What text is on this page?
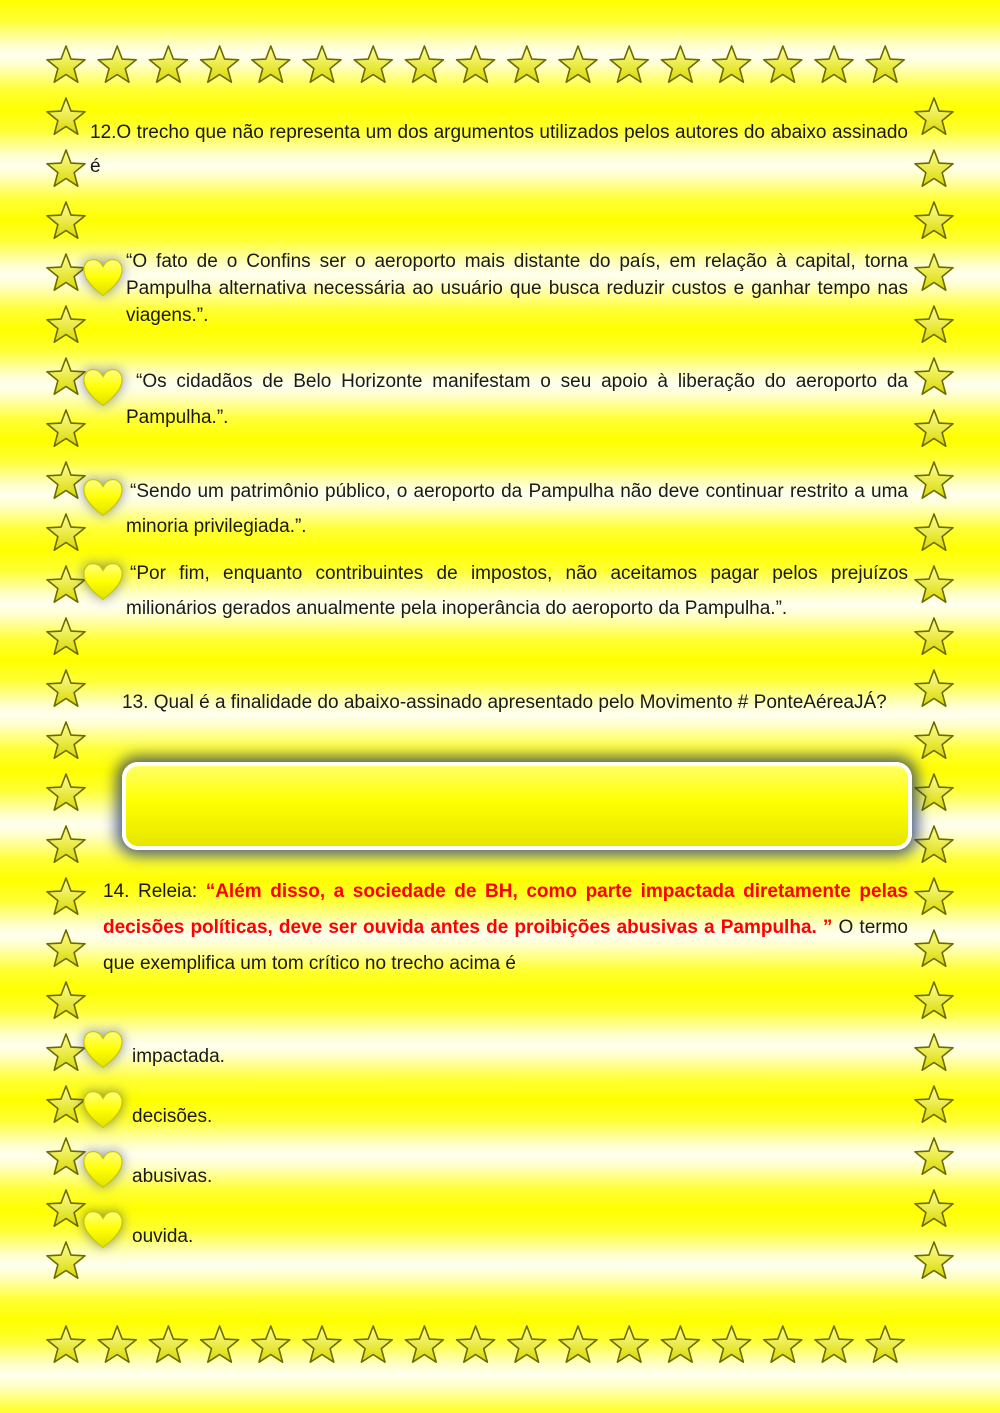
12.O trecho que não representa um dos argumentos utilizados pelos autores do abaixo assinado é
“O fato de o Confins ser o aeroporto mais distante do país, em relação à capital, torna Pampulha alternativa necessária ao usuário que busca reduzir custos e ganhar tempo nas viagens.”.
“Os cidadãos de Belo Horizonte manifestam o seu apoio à liberação do aeroporto da Pampulha.”.
“Sendo um patrimônio público, o aeroporto da Pampulha não deve continuar restrito a uma minoria privilegiada.”.
“Por fim, enquanto contribuintes de impostos, não aceitamos pagar pelos prejuízos milionários gerados anualmente pela inoperância do aeroporto da Pampulha.”.
13. Qual é a finalidade do abaixo-assinado apresentado pelo Movimento # PonteAéreaJÁ?
14. Releia: “Além disso, a sociedade de BH, como parte impactada diretamente pelas decisões políticas, deve ser ouvida antes de proibições abusivas a Pampulha. ” O termo que exemplifica um tom crítico no trecho acima é
impactada.
decisões.
abusivas.
ouvida.
